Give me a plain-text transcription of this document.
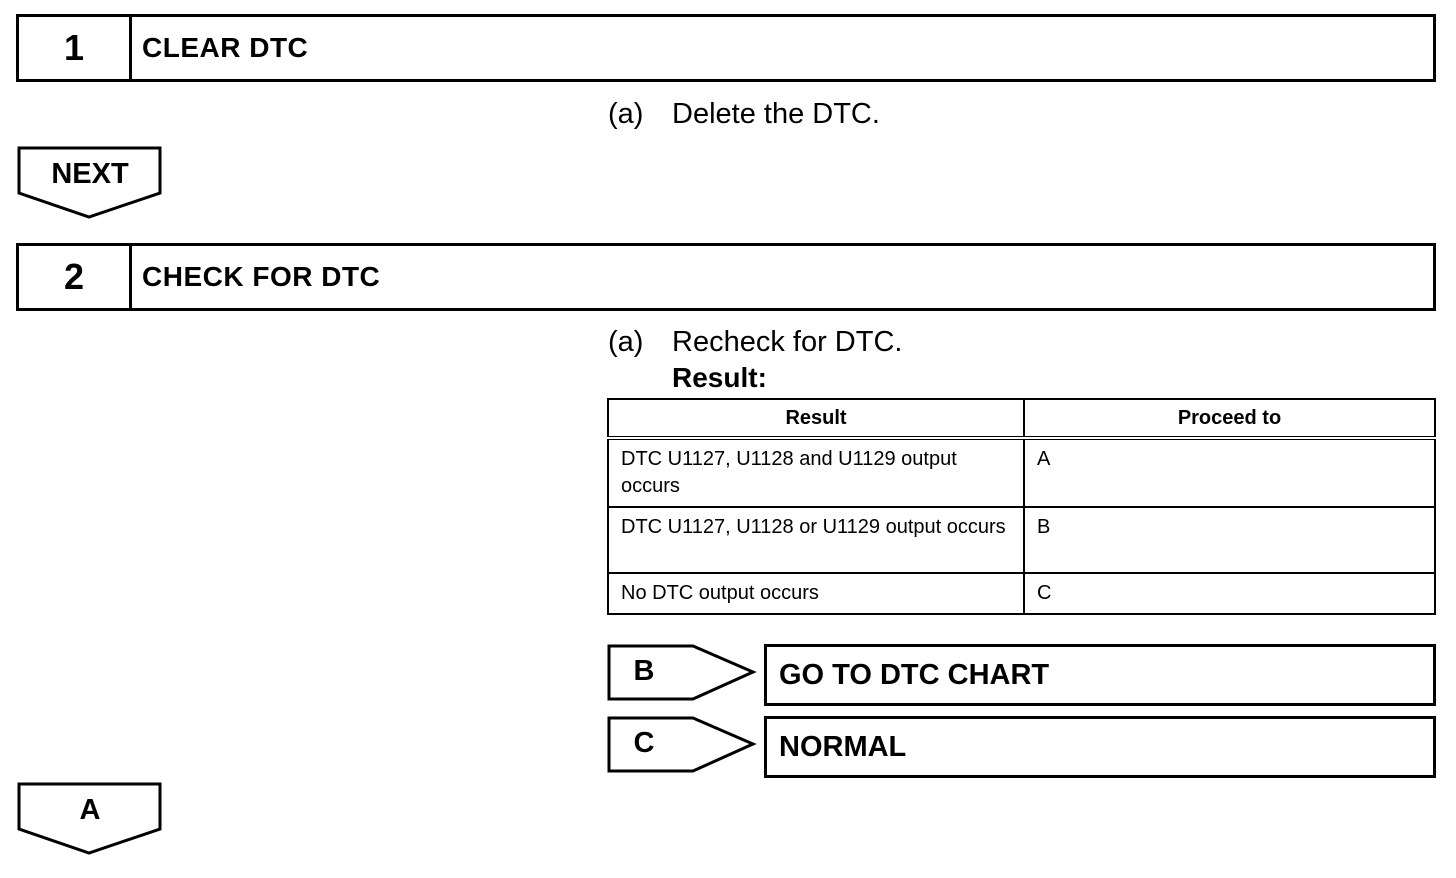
1	CLEAR DTC
(a) Delete the DTC.
NEXT
2	CHECK FOR DTC
(a) Recheck for DTC.
Result:
Result	Proceed to
DTC U1127, U1128 and U1129 output occurs	A
DTC U1127, U1128 or U1129 output occurs	B
No DTC output occurs	C
B	GO TO DTC CHART
C	NORMAL
A
